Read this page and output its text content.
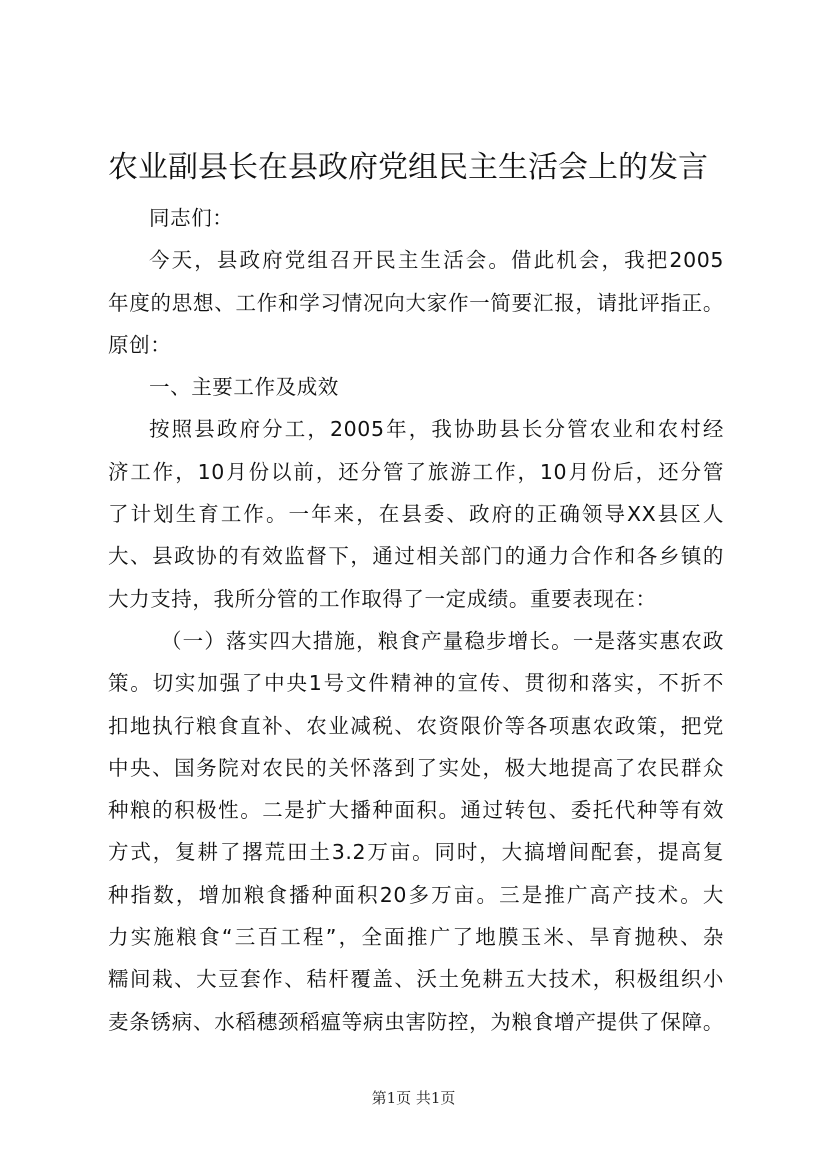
农业副县长在县政府党组民主生活会上的发言
同志们：
今天，县政府党组召开民主生活会。借此机会，我把2005
年度的思想、工作和学习情况向大家作一简要汇报，请批评指正。
原创：
一、主要工作及成效
按照县政府分工，2005年，我协助县长分管农业和农村经
济工作，10月份以前，还分管了旅游工作，10月份后，还分管
了计划生育工作。一年来，在县委、政府的正确领导XX县区人
大、县政协的有效监督下，通过相关部门的通力合作和各乡镇的
大力支持，我所分管的工作取得了一定成绩。重要表现在：
（一）落实四大措施，粮食产量稳步增长。一是落实惠农政
策。切实加强了中央1号文件精神的宣传、贯彻和落实，不折不
扣地执行粮食直补、农业减税、农资限价等各项惠农政策，把党
中央、国务院对农民的关怀落到了实处，极大地提高了农民群众
种粮的积极性。二是扩大播种面积。通过转包、委托代种等有效
方式，复耕了撂荒田土3.2万亩。同时，大搞增间配套，提高复
种指数，增加粮食播种面积20多万亩。三是推广高产技术。大
力实施粮食“三百工程”，全面推广了地膜玉米、旱育抛秧、杂
糯间栽、大豆套作、秸杆覆盖、沃土免耕五大技术，积极组织小
麦条锈病、水稻穗颈稻瘟等病虫害防控，为粮食增产提供了保障。
第1页 共1页
